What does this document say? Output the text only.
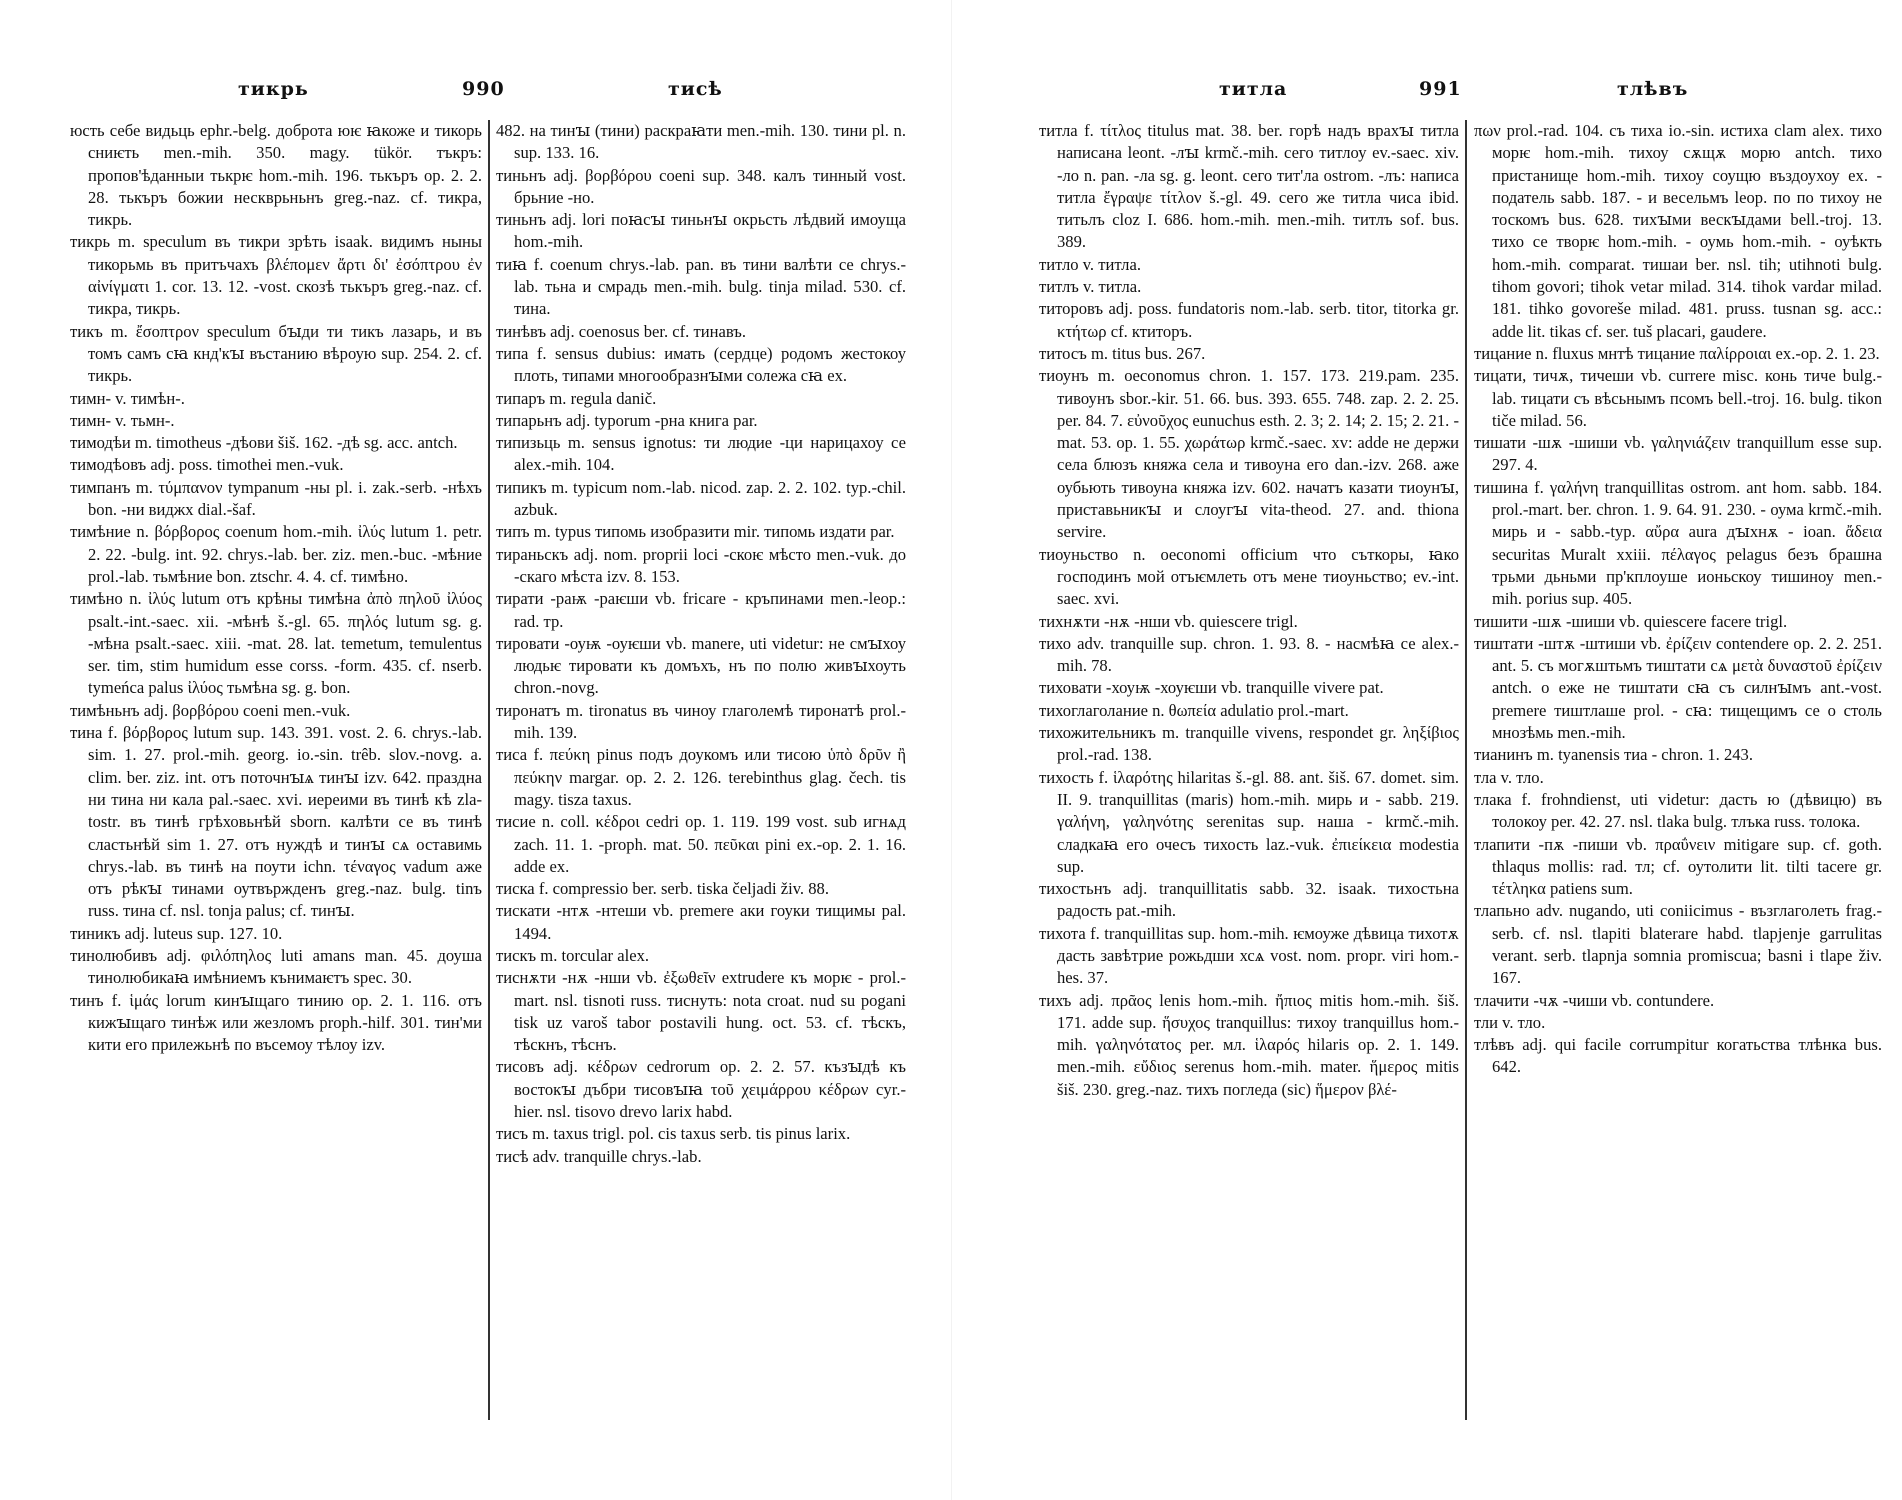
тикрь	990	тисѣ

юсть себе видьць ephr.-belg. доброта юѥ ꙗкоже и тикорь сниѥть men.-mih. 350. magy. tükör. тъкръ: пропов'ѣданныи тькрѥ hom.-mih. 196. тькъръ op. 2. 2. 28. тькъръ божии нескврьньнъ greg.-naz. cf. тикра, тикрь.

тикрь m. speculum въ тикри зрѣть isaak. видимъ ныны тикорьмь въ притъчахъ βλέπομεν ἄρτι δι' ἐσόπτρου ἐν αἰνίγματι 1. cor. 13. 12. -vost. скозѣ тькъръ greg.-naz. cf. тикра, тикрь.

тикъ m. ἔσοπτρον speculum бꙑди ти тикъ лазарь, и въ томъ самъ сꙗ кнд'кꙑ въстанию вѣроую sup. 254. 2. cf. тикрь.

тимн- v. тимѣн-.

тимн- v. тьмн-.

тимодѣи m. timotheus -дѣови šiš. 162. -дѣ sg. acc. antch.

тимодѣовъ adj. poss. timothei men.-vuk.

тимпанъ m. τύμπανον tympanum -ны pl. i. zak.-serb. -нѣхъ bon. -ни виджх dial.-šaf.

тимѣние n. βόρβορος coenum hom.-mih. ἰλύς lutum 1. petr. 2. 22. -bulg. int. 92. chrys.-lab. ber. ziz. men.-buc. -мѣние prol.-lab. тьмѣние bon. ztschr. 4. 4. cf. тимѣно.

тимѣно n. ἰλύς lutum отъ крѣны тимѣна ἀπὸ πηλοῦ ἰλύος psalt.-int.-saec. xii. -мѣнѣ š.-gl. 65. πηλός lutum sg. g. -мѣна psalt.-saec. xiii. -mat. 28. lat. temetum, temulentus ser. tim, stim humidum esse corss. -form. 435. cf. nserb. tymeńca palus ἰλύος тьмѣна sg. g. bon.

тимѣньнъ adj. βορβόρου coeni men.-vuk.

тина f. βόρβορος lutum sup. 143. 391. vost. 2. 6. chrys.-lab. sim. 1. 27. prol.-mih. georg. io.-sin. trêb. slov.-novg. a. clim. ber. ziz. int. отъ поточнꙑѧ тинꙑ izv. 642. праздна ни тина ни кала pal.-saec. xvi. иереими въ тинѣ кѣ zla-tostr. въ тинѣ грѣховьнѣй sborn. калѣти се въ тинѣ сластьнѣй sim 1. 27. отъ нуждѣ и тинꙑ сѧ оставимь chrys.-lab. въ тинѣ на поути ichn. τέναγος vadum аже отъ рѣкꙑ тинами оутвържденъ greg.-naz. bulg. tinъ russ. тина cf. nsl. tonja palus; cf. тинꙑ.

тиникъ adj. luteus sup. 127. 10.

тинолюбивъ adj. φιλόπηλος luti amans man. 45. доуша тинолюбикаꙗ имѣниемъ кънимаѥтъ spec. 30.

тинъ f. ἱμάς lorum кинꙑщаго тинию op. 2. 1. 116. отъ кижꙑщаго тинѣж или жезломъ proph.-hilf. 301. тин'ми кити его прилежьнѣ по въсемоу тѣлоу izv.

482. на тинꙑ (тини) раскраꙗти men.-mih. 130. тини pl. n. sup. 133. 16.

тиньнъ adj. βορβόρου coeni sup. 348. калъ тинный vost. брьние -но.

тиньнъ adj. lori поꙗсꙑ тиньнꙑ окрьсть лѣдвий имоуща hom.-mih.

тиꙗ f. coenum chrys.-lab. pan. въ тини валѣти се chrys.-lab. тьна и смрадь men.-mih. bulg. tinja milad. 530. cf. тина.

тинѣвъ adj. coenosus ber. cf. тинавъ.

типа f. sensus dubius: имать (сердце) родомъ жестокоу плоть, типами многообразнꙑми солежа сꙗ ex.

типаръ m. regula danič.

типарьнъ adj. typorum -рна книга par.

типизьць m. sensus ignotus: ти людие -ци нарицахоу се alex.-mih. 104.

типикъ m. typicum nom.-lab. nicod. zap. 2. 2. 102. typ.-chil. azbuk.

типъ m. typus типомь изобразити mir. типомь издати par.

тираньскъ adj. nom. proprii loci -скоѥ мѣсто men.-vuk. до -скаго мѣста izv. 8. 153.

тирати -раѭ -раѥши vb. fricare - кръпинами men.-leop.: rad. тр.

тировати -оуѭ -оуѥши vb. manere, uti videtur: не смꙑхоу людьѥ тировати къ домъхъ, нъ по полю живꙑхоуть chron.-novg.

тиронатъ m. tironatus въ чиноу глаголемѣ тиронатѣ prol.-mih. 139.

тиса f. πεύκη pinus подъ доукомъ или тисою ὑπὸ δρῦν ἢ πεύκην margar. op. 2. 2. 126. terebinthus glag. čech. tis magy. tisza taxus.

тисие n. coll. κέδροι cedri op. 1. 119. 199 vost. sub игнѧд zach. 11. 1. -proph. mat. 50. πεῦκαι pini ex.-op. 2. 1. 16. adde ex.

тиска f. compressio ber. serb. tiska čeljadi živ. 88.

тискати -нтѫ -нтеши vb. premere аки гоуки тищимы pal. 1494.

тискъ m. torcular alex.

тиснѫти -нѫ -нши vb. ἐξωθεῖν extrudere къ морѥ - prol.-mart. nsl. tisnoti russ. тиснуть: nota croat. nud su pogani tisk uz varoš tabor postavili hung. oct. 53. cf. тѣскъ, тѣскнъ, тѣснъ.

тисовъ adj. κέδρων cedrorum op. 2. 2. 57. къзꙑдѣ къ востокꙑ дъбри тисовꙑꙗ τοῦ χειμάρρου κέδρων cyr.-hier. nsl. tisovo drevo larix habd.

тисъ m. taxus trigl. pol. cis taxus serb. tis pinus larix.

тисѣ adv. tranquille chrys.-lab.

титла	991	тлѣвъ

титла f. τίτλος titulus mat. 38. ber. горѣ надъ врахꙑ титла написана leont. -лꙑ krmč.-mih. сего титлоу ev.-saec. xiv. -ло n. pan. -ла sg. g. leont. сего тит'ла ostrom. -лъ: написа титла ἔγραψε τίτλον š.-gl. 49. сего же титла чиса ibid. титьлъ cloz I. 686. hom.-mih. men.-mih. титлъ sof. bus. 389.

титло v. титла.

титлъ v. титла.

титоровъ adj. poss. fundatoris nom.-lab. serb. titor, titorka gr. κτήτωρ cf. ктиторъ.

титосъ m. titus bus. 267.

тиоунъ m. oeconomus chron. 1. 157. 173. 219.pam. 235. тивоунъ sbor.-kir. 51. 66. bus. 393. 655. 748. zap. 2. 2. 25. per. 84. 7. εὐνοῦχος eunuchus esth. 2. 3; 2. 14; 2. 15; 2. 21. -mat. 53. op. 1. 55. χωράτωρ krmč.-saec. xv: adde не держи села блюзъ княжа села и тивоуна его dan.-izv. 268. аже оубьють тивоуна княжа izv. 602. начатъ казати тиоунꙑ, приставьникꙑ и слоугꙑ vita-theod. 27. and. thiona servire.

тиоуньство n. oeconomi officium что съткоры, ꙗко господинъ мой отъѥмлеть отъ мене тиоуньство; ev.-int. saec. xvi.

тихнѫти -нѫ -нши vb. quiescere trigl.

тихо adv. tranquille sup. chron. 1. 93. 8. - насмѣꙗ се alex.-mih. 78.

тиховати -хоуѭ -хоуѥши vb. tranquille vivere pat.

тихоглаголание n. θωπεία adulatio prol.-mart.

тихожительникъ m. tranquille vivens, respondet gr. ληξίβιος prol.-rad. 138.

тихость f. ἱλαρότης hilaritas š.-gl. 88. ant. šiš. 67. domet. sim. II. 9. tranquillitas (maris) hom.-mih. мирь и - sabb. 219. γαλήνη, γαληνότης serenitas sup. наша - krmč.-mih. сладкаꙗ его очесъ тихость laz.-vuk. ἐπιείκεια modestia sup.

тихостьнъ adj. tranquillitatis sabb. 32. isaak. тихостьна радость pat.-mih.

тихота f. tranquillitas sup. hom.-mih. ѥмоуже дѣвица тихотѫ дасть завѣтрие рожьдши хсѧ vost. nom. propr. viri hom.-hes. 37.

тихъ adj. πρᾶος lenis hom.-mih. ἤπιος mitis hom.-mih. šiš. 171. adde sup. ἥσυχος tranquillus: тихоу tranquillus hom.-mih. γαληνότατος per. мл. ἱλαρός hilaris op. 2. 1. 149. men.-mih. εὔδιος serenus hom.-mih. mater. ἥμερος mitis šiš. 230. greg.-naz. тихъ погледа (sic) ἥμερον βλέ-

πων prol.-rad. 104. съ тиха io.-sin. истиха clam alex. тихо морѥ hom.-mih. тихоу сѫщѫ морю antch. тихо пристанище hom.-mih. тихоу соущю въздоухоу ex. - податель sabb. 187. - и весельмъ leop. по по тихоу не тоскомъ bus. 628. тихꙑми вескꙑдами bell.-troj. 13. тихо се творѥ hom.-mih. - оумь hom.-mih. - оуѣкть hom.-mih. comparat. тишаи ber. nsl. tih; utihnoti bulg. tihom govori; tihok vetar milad. 314. tihok vardar milad. 181. tihko govoreše milad. 481. pruss. tusnan sg. acc.: adde lit. tikas cf. ser. tuš placari, gaudere.

тицание n. fluxus мнтѣ тицание παλίρροιαι ex.-op. 2. 1. 23.

тицати, тичѫ, тичеши vb. currere misc. конь тиче bulg.-lab. тицати съ вѣсьнымъ псомъ bell.-troj. 16. bulg. tikon tiče milad. 56.

тишати -шѫ -шиши vb. γαληνιάζειν tranquillum esse sup. 297. 4.

тишина f. γαλήνη tranquillitas ostrom. ant hom. sabb. 184. prol.-mart. ber. chron. 1. 9. 64. 91. 230. - оума krmč.-mih. мирь и - sabb.-typ. αὔρα aura дꙑхнѫ - ioan. ἄδεια securitas Muralt xxiii. πέλαγος pelagus безъ брашна трьми дьньми пр'кплоуше ионьскоу тишиноу men.-mih. porius sup. 405.

тишити -шѫ -шиши vb. quiescere facere trigl.

тиштати -штѫ -штиши vb. ἐρίζειν contendere op. 2. 2. 251. ant. 5. съ могѫштьмъ тиштати сѧ μετὰ δυναστοῦ ἐρίζειν antch. о еже не тиштати сꙗ съ силнꙑмъ ant.-vost. premere тиштлаше prol. - сꙗ: тищещимъ се о столь мнозѣмь men.-mih.

тианинъ m. tyanensis тиа - chron. 1. 243.

тла v. тло.

тлака f. frohndienst, uti videtur: дасть ю (дѣвицю) въ толокоу per. 42. 27. nsl. tlaka bulg. тлъка russ. толока.

тлапити -пѫ -пиши vb. πραΰνειν mitigare sup. cf. goth. thlaqus mollis: rad. тл; cf. оутолити lit. tilti tacere gr. τέτληκα patiens sum.

тлапьно adv. nugando, uti coniicimus - възглаголеть frag.-serb. cf. nsl. tlapiti blaterare habd. tlapjenje garrulitas verant. serb. tlapnja somnia promiscua; basni i tlape živ. 167.

тлачити -чѫ -чиши vb. contundere.

тли v. тло.

тлѣвъ adj. qui facile corrumpitur когатьства тлѣнка bus. 642.
